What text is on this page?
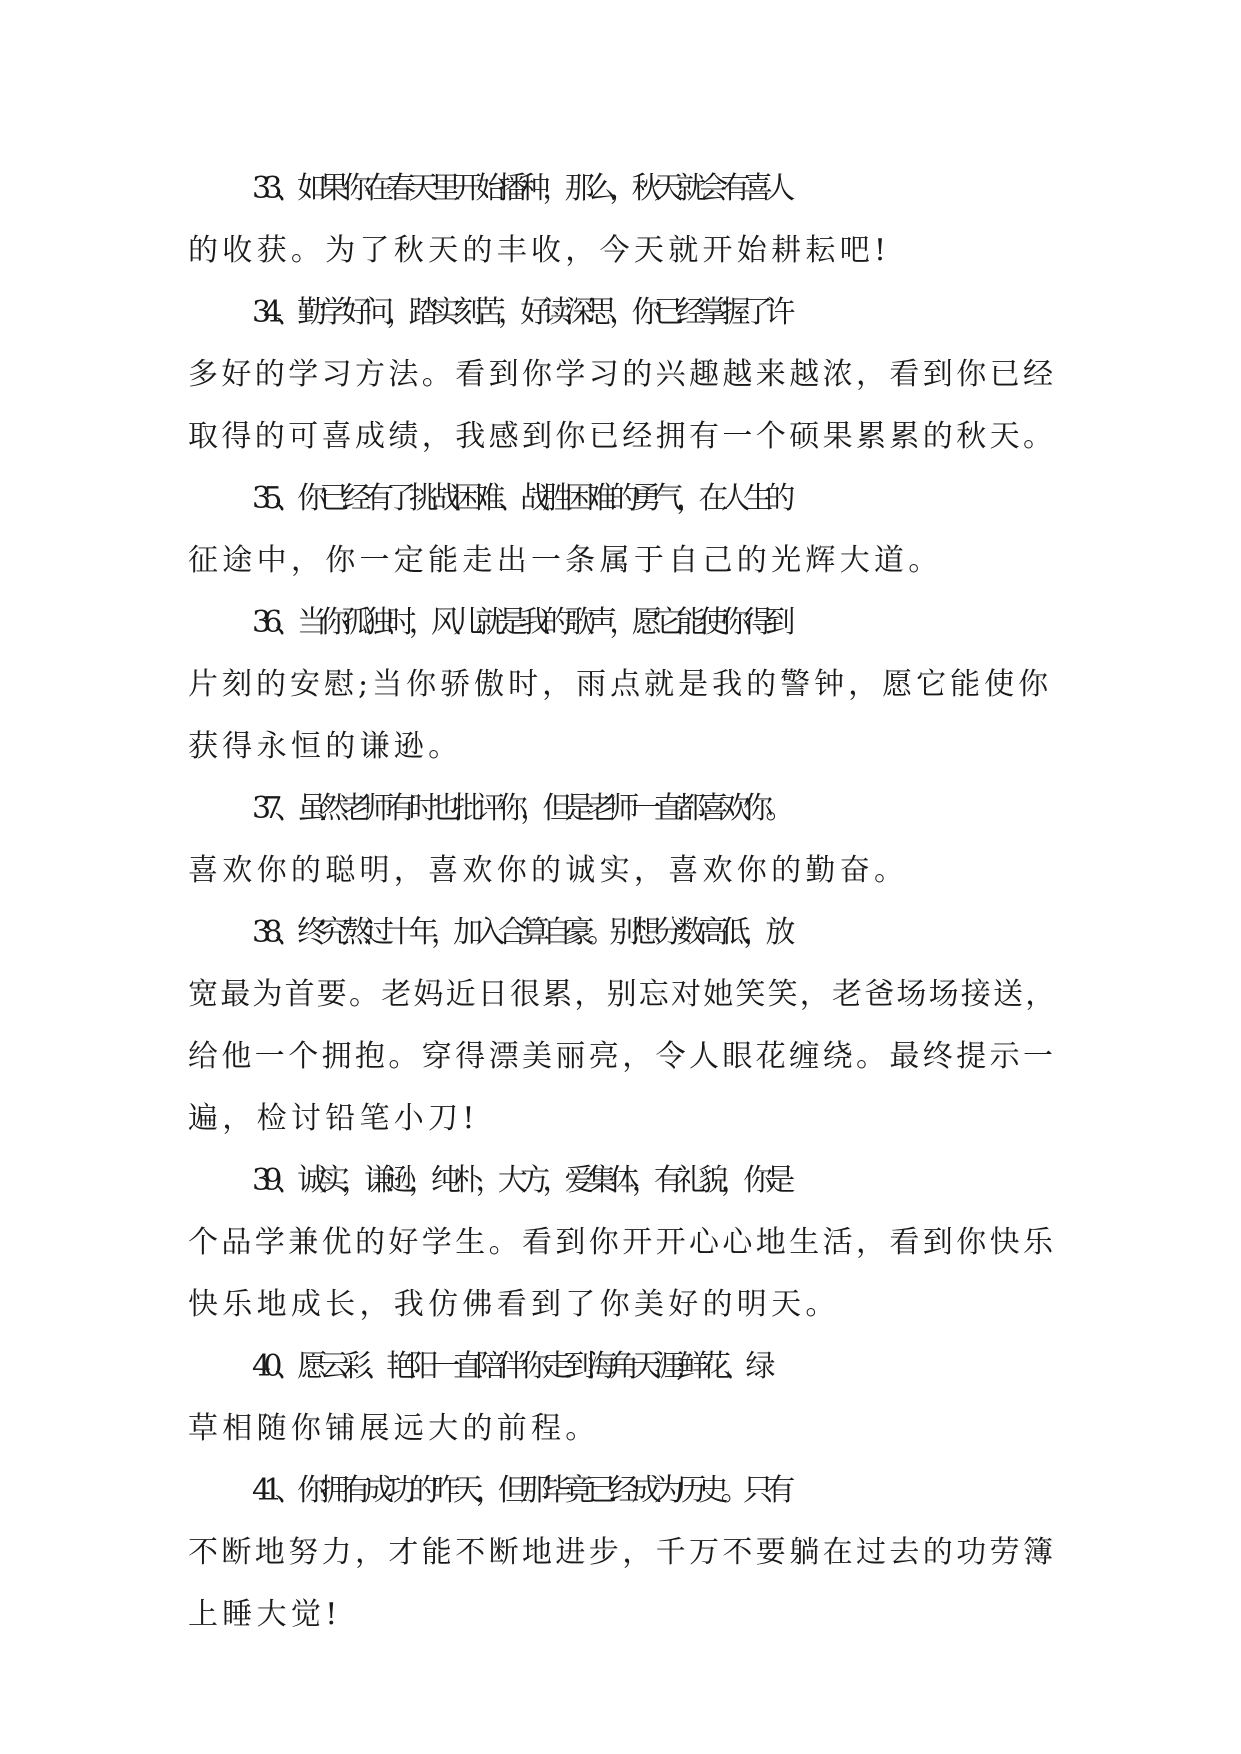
33、如果你在春天里开始播种，那么，秋天就会有喜人
的收获。为了秋天的丰收，今天就开始耕耘吧!

34、勤学好问，踏实刻苦，好读深思，你已经掌握了许
多好的学习方法。看到你学习的兴趣越来越浓，看到你已经
取得的可喜成绩，我感到你已经拥有一个硕果累累的秋天。

35、你已经有了挑战困难、战胜困难的勇气，在人生的
征途中，你一定能走出一条属于自己的光辉大道。

36、当你孤独时，风儿就是我的歌声，愿它能使你得到
片刻的安慰;当你骄傲时，雨点就是我的警钟，愿它能使你
获得永恒的谦逊。

37、虽然老师有时也批评你，但是老师一直都喜欢你。
喜欢你的聪明，喜欢你的诚实，喜欢你的勤奋。

38、终究熬过十年，加入合算自豪。别想分数高低，放
宽最为首要。老妈近日很累，别忘对她笑笑，老爸场场接送，
给他一个拥抱。穿得漂美丽亮，令人眼花缠绕。最终提示一
遍，检讨铅笔小刀!

39、诚实，谦逊，纯朴，大方，爱集体，有礼貌，你是
个品学兼优的好学生。看到你开开心心地生活，看到你快乐
快乐地成长，我仿佛看到了你美好的明天。

40、愿云彩、艳阳一直陪伴你走到海角天涯;鲜花、绿
草相随你铺展远大的前程。

41、你拥有成功的昨天，但那毕竟已经成为历史。只有
不断地努力，才能不断地进步，千万不要躺在过去的功劳簿
上睡大觉!
